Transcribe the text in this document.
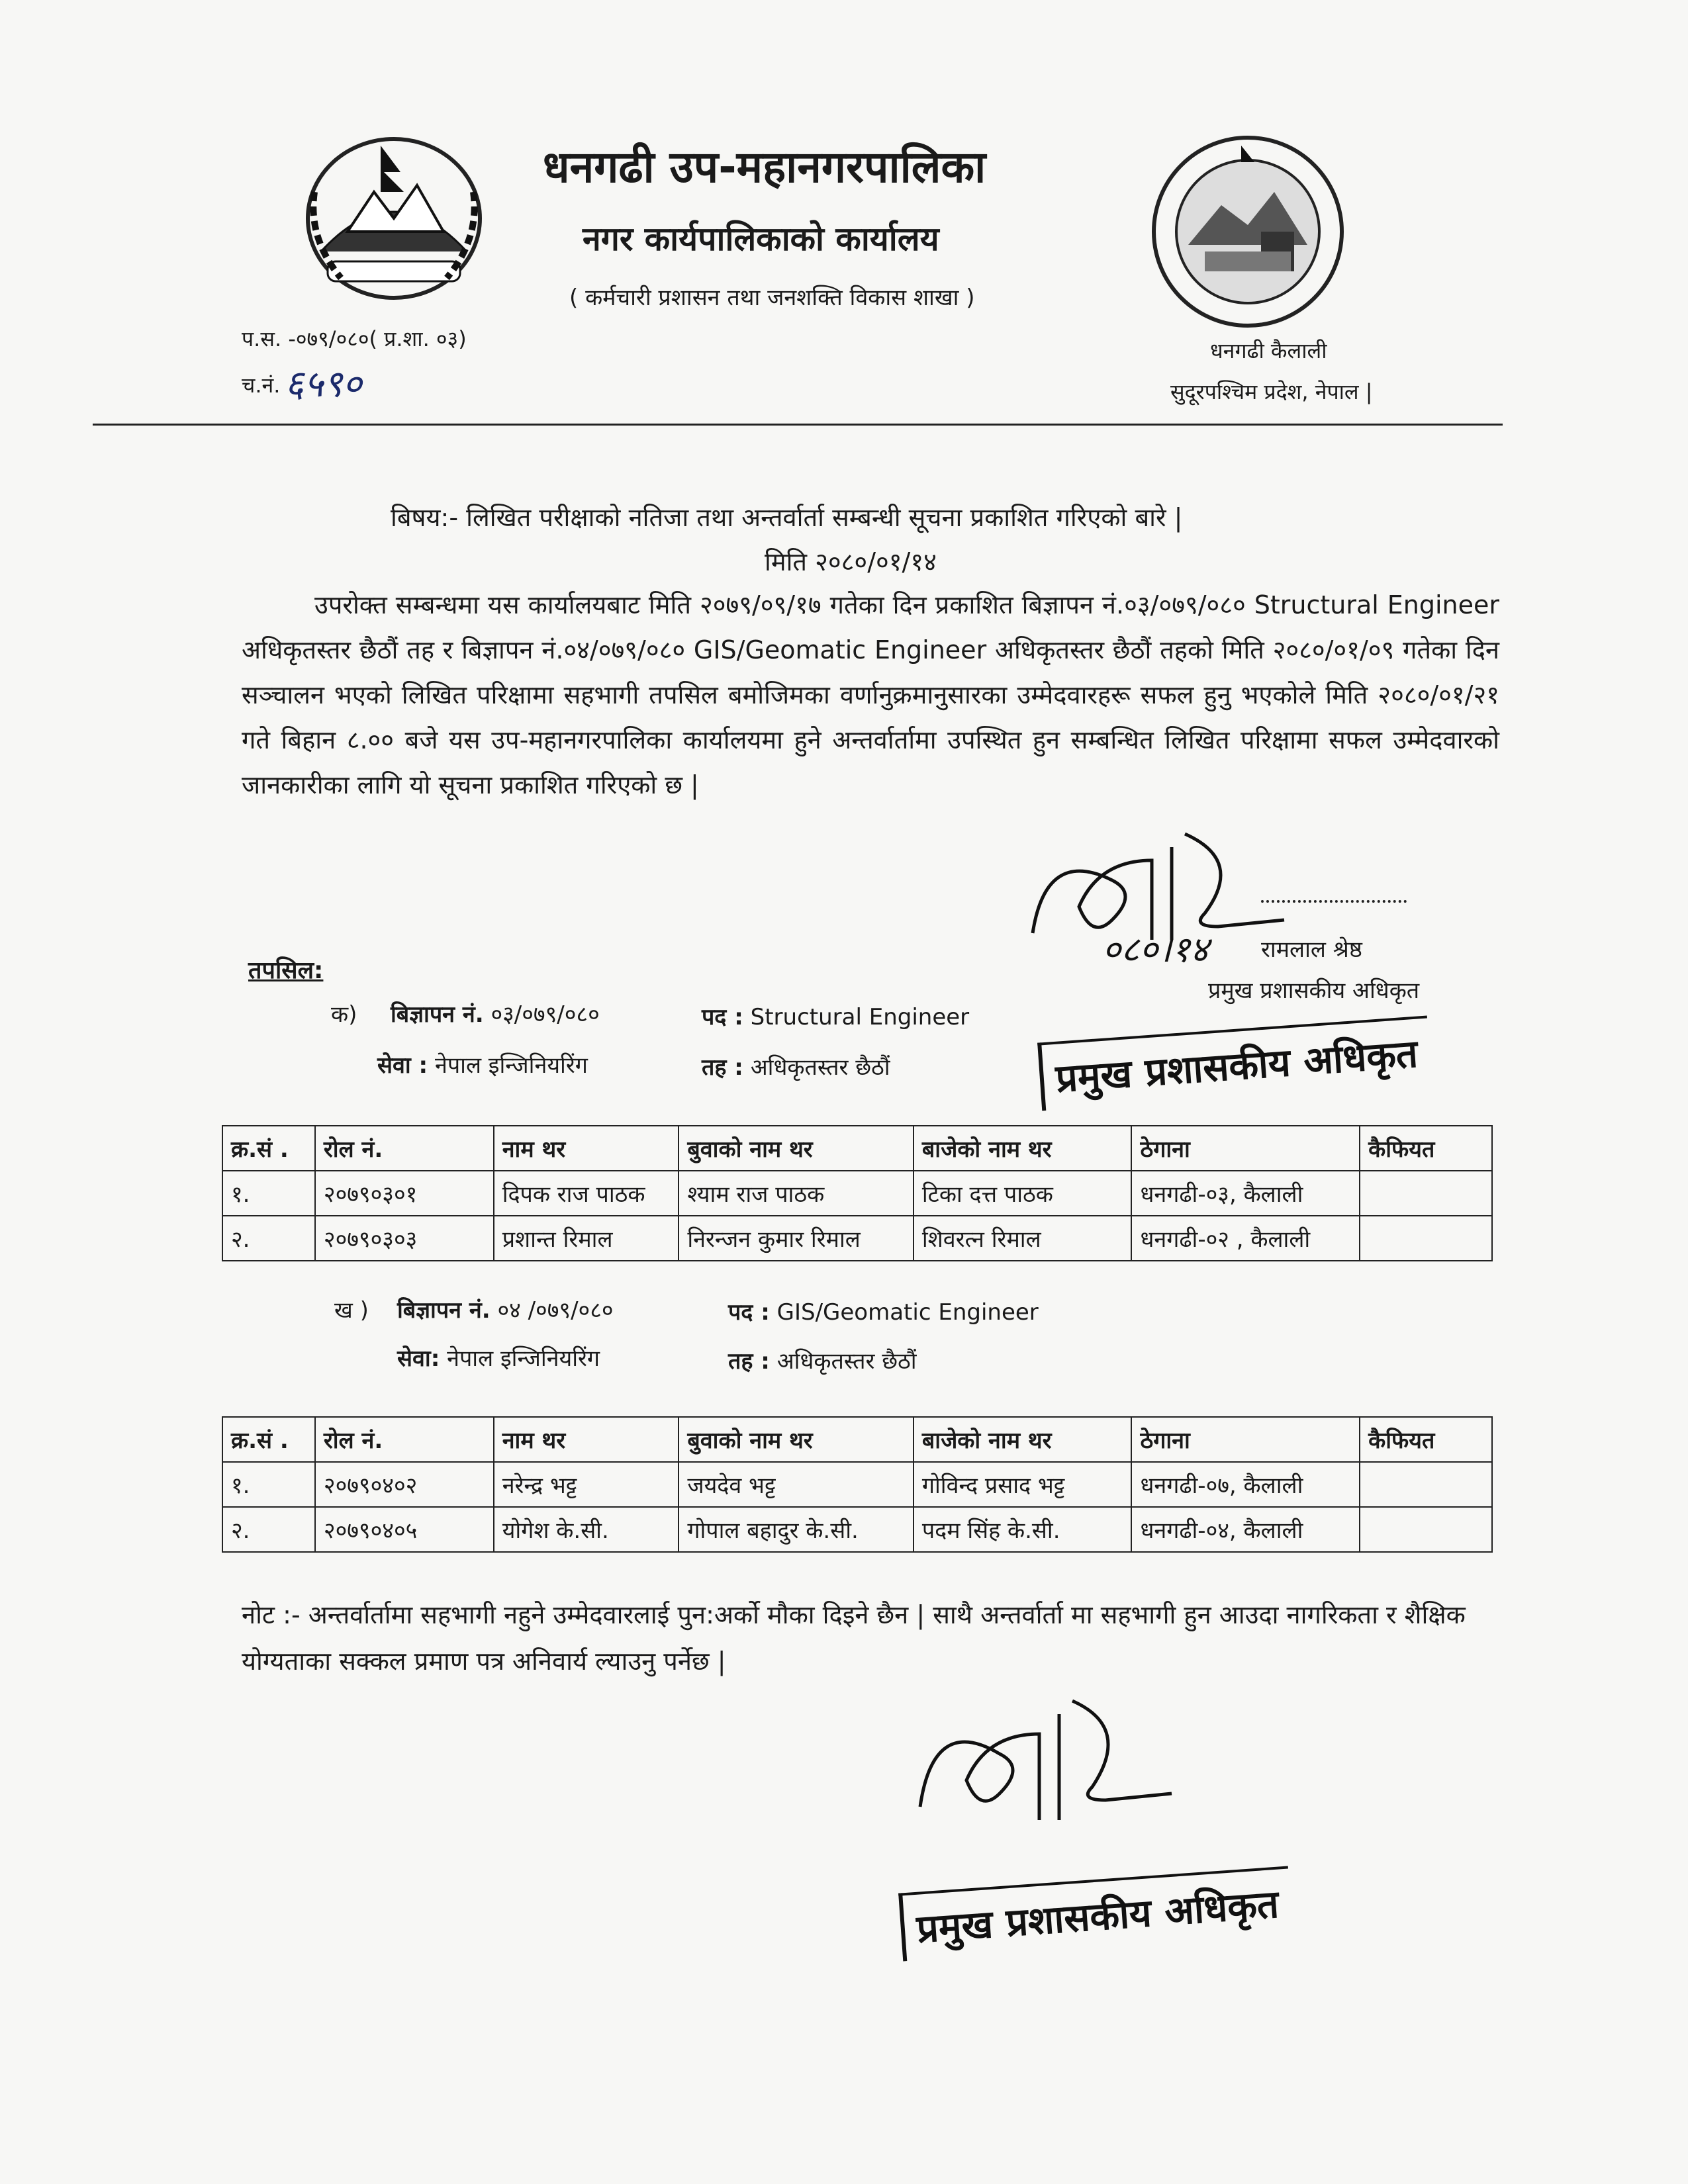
धनगढी उप-महानगरपालिका
नगर कार्यपालिकाको कार्यालय
( कर्मचारी प्रशासन तथा जनशक्ति विकास शाखा )
प.स. -०७९/०८०( प्र.शा. ०३)
च.नं. ६५९०
धनगढी कैलाली
सुदूरपश्चिम प्रदेश, नेपाल |
बिषय:- लिखित परीक्षाको नतिजा तथा अन्तर्वार्ता सम्बन्धी सूचना प्रकाशित गरिएको बारे |
मिति २०८०/०१/१४
उपरोक्त सम्बन्धमा यस कार्यालयबाट मिति २०७९/०९/१७ गतेका दिन प्रकाशित बिज्ञापन नं.०३/०७९/०८० Structural Engineer अधिकृतस्तर छैठौं तह र बिज्ञापन नं.०४/०७९/०८० GIS/Geomatic Engineer अधिकृतस्तर छैठौं तहको मिति २०८०/०१/०९ गतेका दिन सञ्चालन भएको लिखित परिक्षामा सहभागी तपसिल बमोजिमका वर्णानुक्रमानुसारका उम्मेदवारहरू सफल हुनु भएकोले मिति २०८०/०१/२१ गते बिहान ८.०० बजे यस उप-महानगरपालिका कार्यालयमा हुने अन्तर्वार्तामा उपस्थित हुन सम्बन्धित लिखित परिक्षामा सफल उम्मेदवारको जानकारीका लागि यो सूचना प्रकाशित गरिएको छ |
०८०।१४ रामलाल श्रेष्ठ
प्रमुख प्रशासकीय अधिकृत
प्रमुख प्रशासकीय अधिकृत
तपसिल:
क) बिज्ञापन नं. ०३/०७९/०८०	पद : Structural Engineer
सेवा : नेपाल इन्जिनियरिंग	तह : अधिकृतस्तर छैठौं
क्र.सं .	रोल नं.	नाम थर	बुवाको नाम थर	बाजेको नाम थर	ठेगाना	कैफियत
१.	२०७९०३०१	दिपक राज पाठक	श्याम राज पाठक	टिका दत्त पाठक	धनगढी-०३, कैलाली	
२.	२०७९०३०३	प्रशान्त रिमाल	निरन्जन कुमार रिमाल	शिवरत्न रिमाल	धनगढी-०२ , कैलाली	
ख ) बिज्ञापन नं. ०४ /०७९/०८०	पद : GIS/Geomatic Engineer
सेवा: नेपाल इन्जिनियरिंग	तह : अधिकृतस्तर छैठौं
क्र.सं .	रोल नं.	नाम थर	बुवाको नाम थर	बाजेको नाम थर	ठेगाना	कैफियत
१.	२०७९०४०२	नरेन्द्र भट्ट	जयदेव भट्ट	गोविन्द प्रसाद भट्ट	धनगढी-०७, कैलाली	
२.	२०७९०४०५	योगेश के.सी.	गोपाल बहादुर के.सी.	पदम सिंह के.सी.	धनगढी-०४, कैलाली	
नोट :- अन्तर्वार्तामा सहभागी नहुने उम्मेदवारलाई पुन:अर्को मौका दिइने छैन | साथै अन्तर्वार्ता मा सहभागी हुन आउदा नागरिकता र शैक्षिक योग्यताका सक्कल प्रमाण पत्र अनिवार्य ल्याउनु पर्नेछ |
प्रमुख प्रशासकीय अधिकृत
